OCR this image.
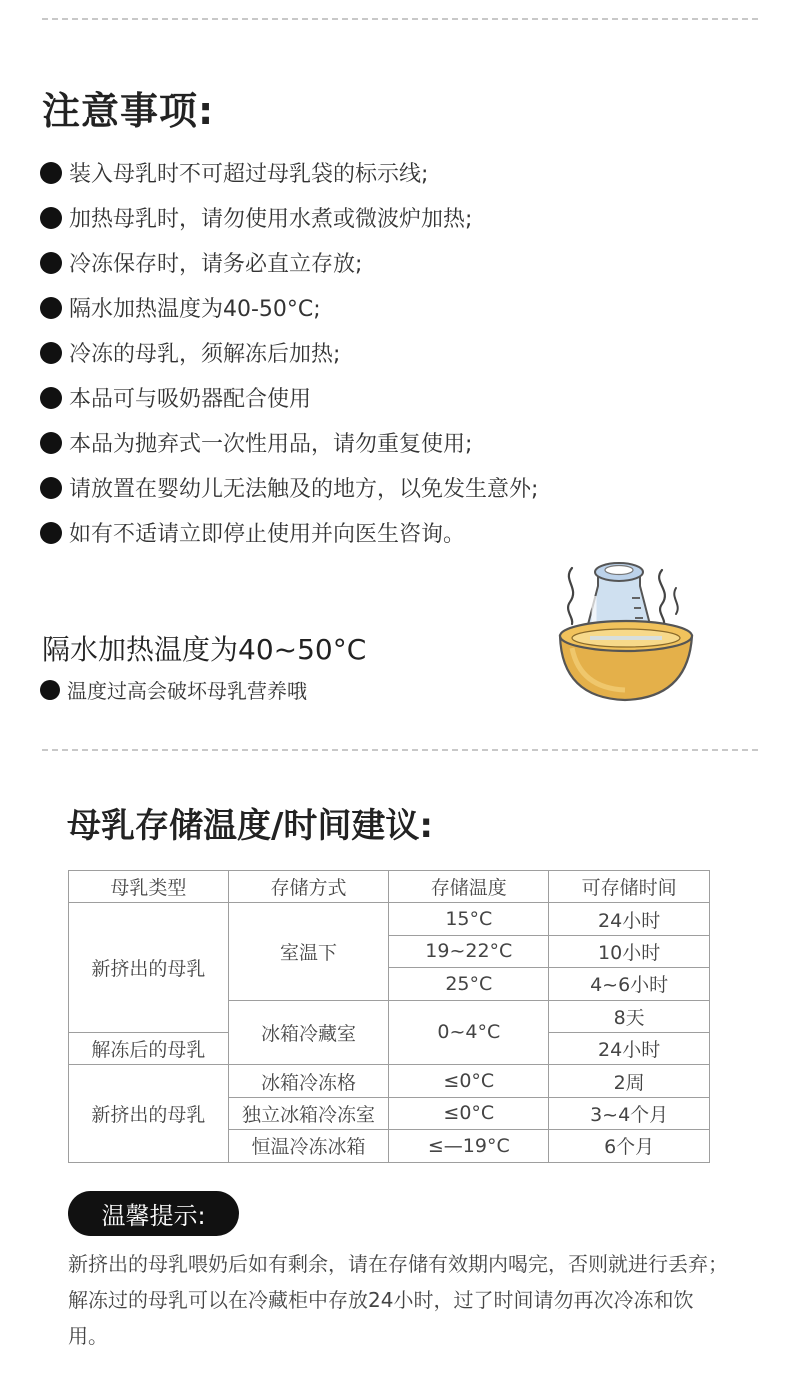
注意事项:
装入母乳时不可超过母乳袋的标示线;
加热母乳时，请勿使用水煮或微波炉加热;
冷冻保存时，请务必直立存放;
隔水加热温度为40-50°C;
冷冻的母乳，须解冻后加热;
本品可与吸奶器配合使用
本品为抛弃式一次性用品，请勿重复使用;
请放置在婴幼儿无法触及的地方，以免发生意外;
如有不适请立即停止使用并向医生咨询。
隔水加热温度为40~50°C
温度过高会破坏母乳营养哦
母乳存储温度/时间建议:
母乳类型	存储方式	存储温度	可存储时间
新挤出的母乳	室温下	15°C	24小时
		19~22°C	10小时
		25°C	4~6小时
	冰箱冷藏室	0~4°C	8天
解冻后的母乳			24小时
新挤出的母乳	冰箱冷冻格	≤0°C	2周
	独立冰箱冷冻室	≤0°C	3~4个月
	恒温冷冻冰箱	≤—19°C	6个月
温馨提示:

新挤出的母乳喂奶后如有剩余，请在存储有效期内喝完，否则就进行丢弃；解冻过的母乳可以在冷藏柜中存放24小时，过了时间请勿再次冷冻和饮用。
